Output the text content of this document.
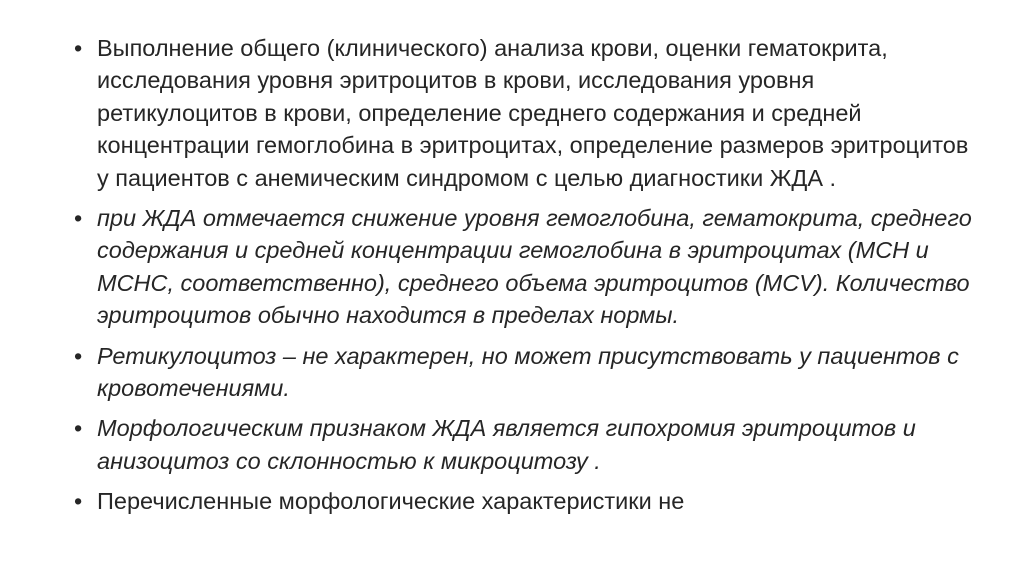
• Выполнение общего (клинического) анализа крови, оценки гематокрита, исследования уровня эритроцитов в крови, исследования уровня ретикулоцитов в крови, определение среднего содержания и средней концентрации гемоглобина в эритроцитах, определение размеров эритроцитов у пациентов с анемическим синдромом с целью диагностики ЖДА .
• при ЖДА отмечается снижение уровня гемоглобина, гематокрита, среднего содержания и средней концентрации гемоглобина в эритроцитах (МСН и МСНС, соответственно), среднего объема эритроцитов (MCV). Количество эритроцитов обычно находится в пределах нормы.
• Ретикулоцитоз – не характерен, но может присутствовать у пациентов с кровотечениями.
• Морфологическим признаком ЖДА является гипохромия эритроцитов и анизоцитоз со склонностью к микроцитозу .
• Перечисленные морфологические характеристики не
